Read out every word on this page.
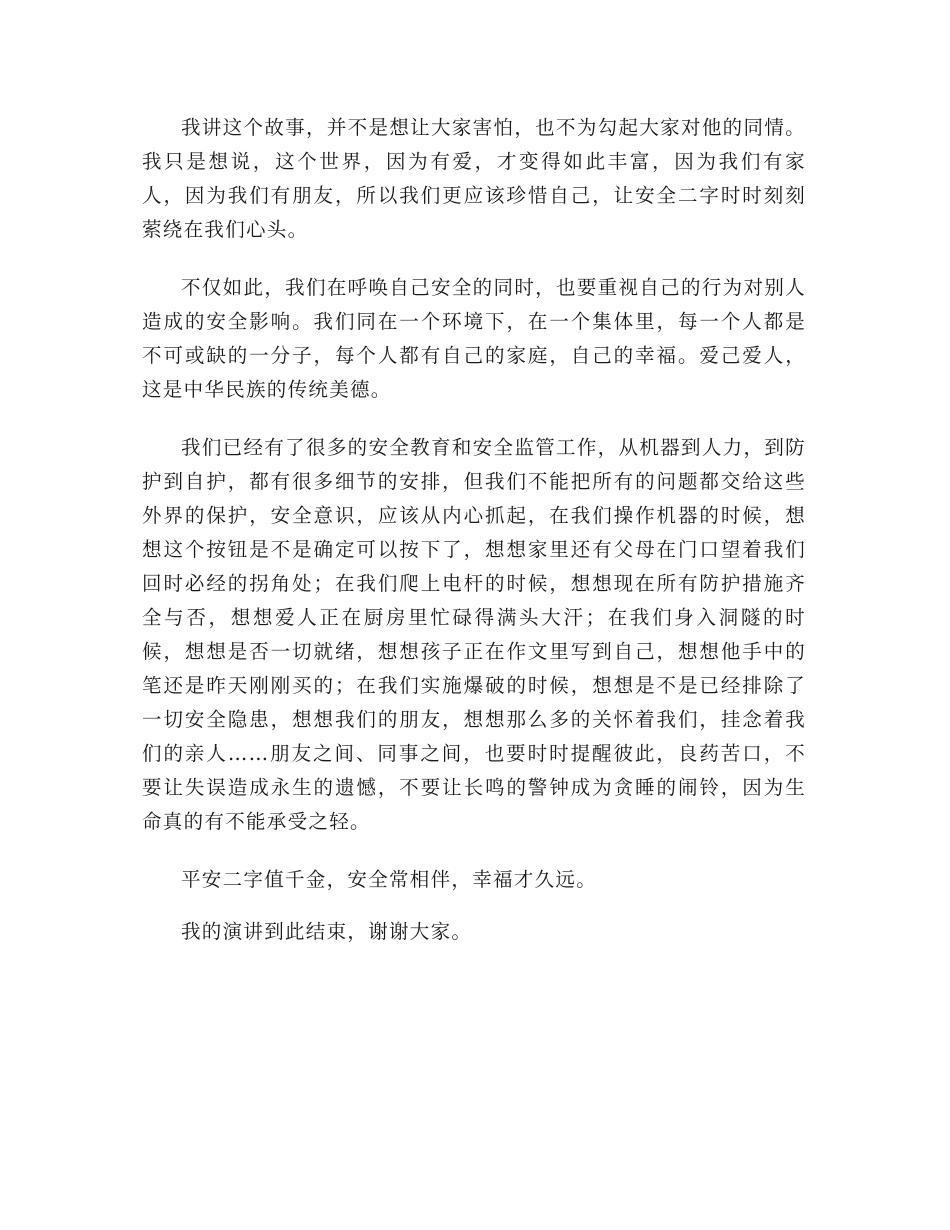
我讲这个故事，并不是想让大家害怕，也不为勾起大家对他的同情。我只是想说，这个世界，因为有爱，才变得如此丰富，因为我们有家人，因为我们有朋友，所以我们更应该珍惜自己，让安全二字时时刻刻萦绕在我们心头。

不仅如此，我们在呼唤自己安全的同时，也要重视自己的行为对别人造成的安全影响。我们同在一个环境下，在一个集体里，每一个人都是不可或缺的一分子，每个人都有自己的家庭，自己的幸福。爱己爱人，这是中华民族的传统美德。

我们已经有了很多的安全教育和安全监管工作，从机器到人力，到防护到自护，都有很多细节的安排，但我们不能把所有的问题都交给这些外界的保护，安全意识，应该从内心抓起，在我们操作机器的时候，想想这个按钮是不是确定可以按下了，想想家里还有父母在门口望着我们回时必经的拐角处；在我们爬上电杆的时候，想想现在所有防护措施齐全与否，想想爱人正在厨房里忙碌得满头大汗；在我们身入洞隧的时候，想想是否一切就绪，想想孩子正在作文里写到自己，想想他手中的笔还是昨天刚刚买的；在我们实施爆破的时候，想想是不是已经排除了一切安全隐患，想想我们的朋友，想想那么多的关怀着我们，挂念着我们的亲人……朋友之间、同事之间，也要时时提醒彼此，良药苦口，不要让失误造成永生的遗憾，不要让长鸣的警钟成为贪睡的闹铃，因为生命真的有不能承受之轻。

平安二字值千金，安全常相伴，幸福才久远。

我的演讲到此结束，谢谢大家。
